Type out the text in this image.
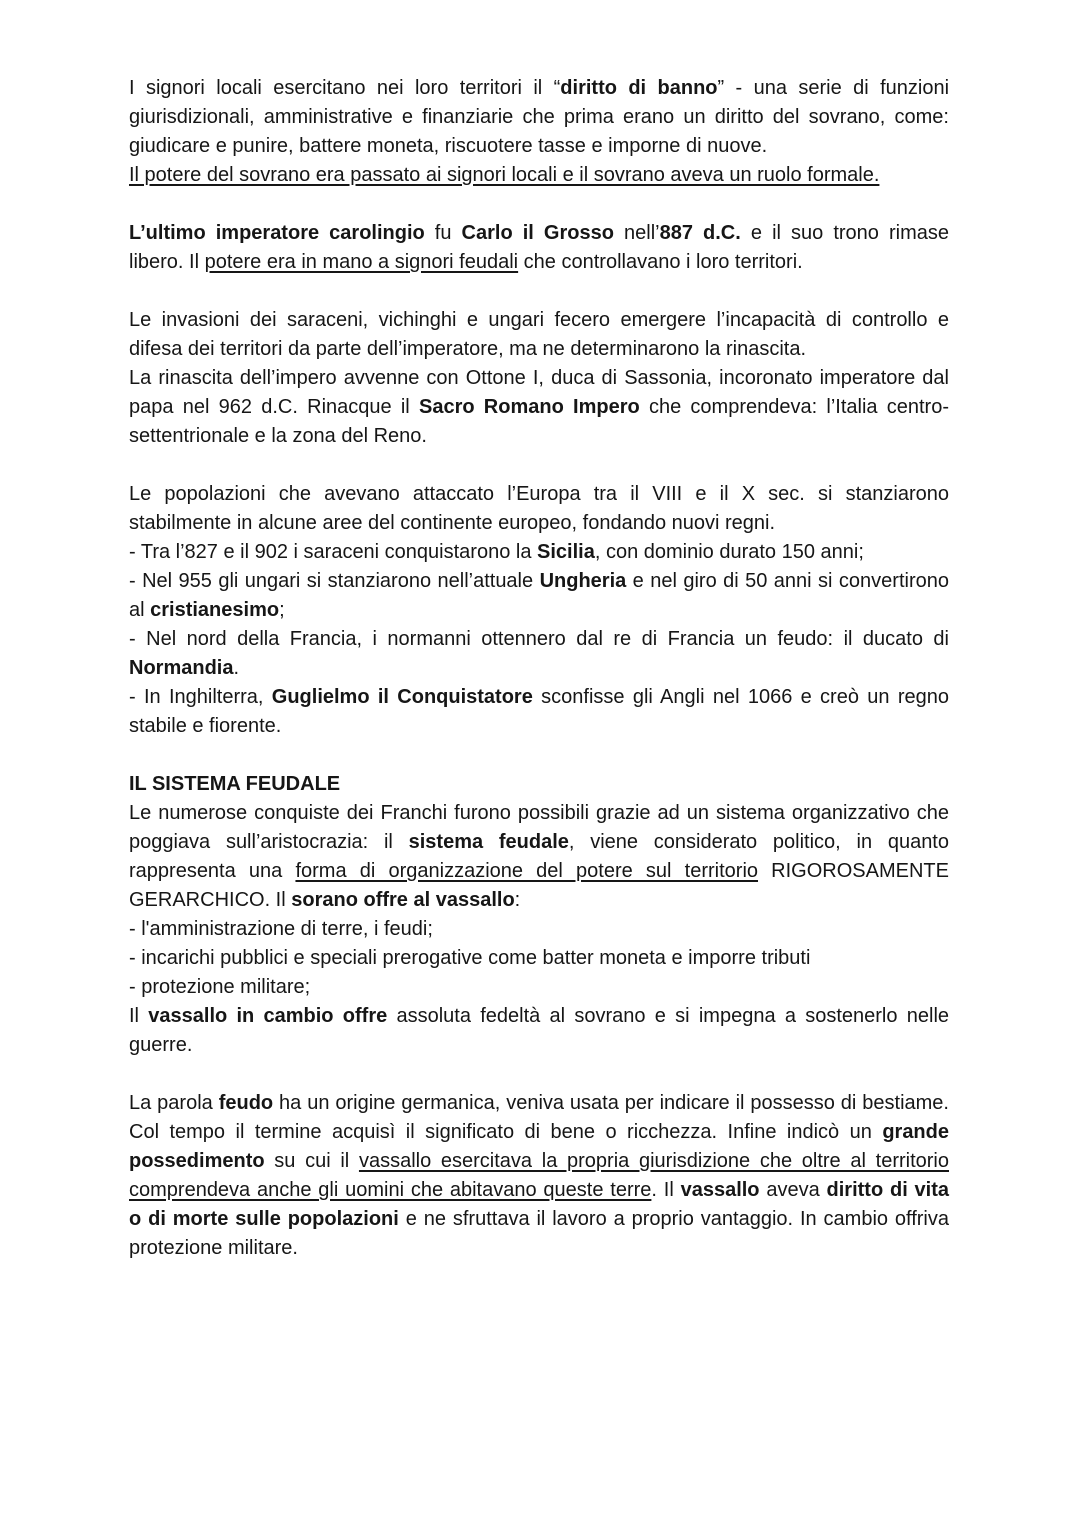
I signori locali esercitano nei loro territori il “diritto di banno” - una serie di funzioni giurisdizionali, amministrative e finanziarie che prima erano un diritto del sovrano, come: giudicare e punire, battere moneta, riscuotere tasse e imporne di nuove.

Il potere del sovrano era passato ai signori locali e il sovrano aveva un ruolo formale.

L’ultimo imperatore carolingio fu Carlo il Grosso nell’887 d.C. e il suo trono rimase libero. Il potere era in mano a signori feudali che controllavano i loro territori.

Le invasioni dei saraceni, vichinghi e ungari fecero emergere l’incapacità di controllo e difesa dei territori da parte dell’imperatore, ma ne determinarono la rinascita.

La rinascita dell’impero avvenne con Ottone I, duca di Sassonia, incoronato imperatore dal papa nel 962 d.C. Rinacque il Sacro Romano Impero che comprendeva: l’Italia centro-settentrionale e la zona del Reno.

Le popolazioni che avevano attaccato l’Europa tra il VIII e il X sec. si stanziarono stabilmente in alcune aree del continente europeo, fondando nuovi regni.

- Tra l’827 e il 902 i saraceni conquistarono la Sicilia, con dominio durato 150 anni;

- Nel 955 gli ungari si stanziarono nell’attuale Ungheria e nel giro di 50 anni si convertirono al cristianesimo;

- Nel nord della Francia, i normanni ottennero dal re di Francia un feudo: il ducato di Normandia.

- In Inghilterra, Guglielmo il Conquistatore sconfisse gli Angli nel 1066 e creò un regno stabile e fiorente.

IL SISTEMA FEUDALE

Le numerose conquiste dei Franchi furono possibili grazie ad un sistema organizzativo che poggiava sull’aristocrazia: il sistema feudale, viene considerato politico, in quanto rappresenta una forma di organizzazione del potere sul territorio RIGOROSAMENTE GERARCHICO. Il sorano offre al vassallo:

- l'amministrazione di terre, i feudi;

- incarichi pubblici e speciali prerogative come batter moneta e imporre tributi

- protezione militare;

Il vassallo in cambio offre assoluta fedeltà al sovrano e si impegna a sostenerlo nelle guerre.

La parola feudo ha un origine germanica, veniva usata per indicare il possesso di bestiame. Col tempo il termine acquisì il significato di bene o ricchezza. Infine indicò un grande possedimento su cui il vassallo esercitava la propria giurisdizione che oltre al territorio comprendeva anche gli uomini che abitavano queste terre. Il vassallo aveva diritto di vita o di morte sulle popolazioni e ne sfruttava il lavoro a proprio vantaggio. In cambio offriva protezione militare.
